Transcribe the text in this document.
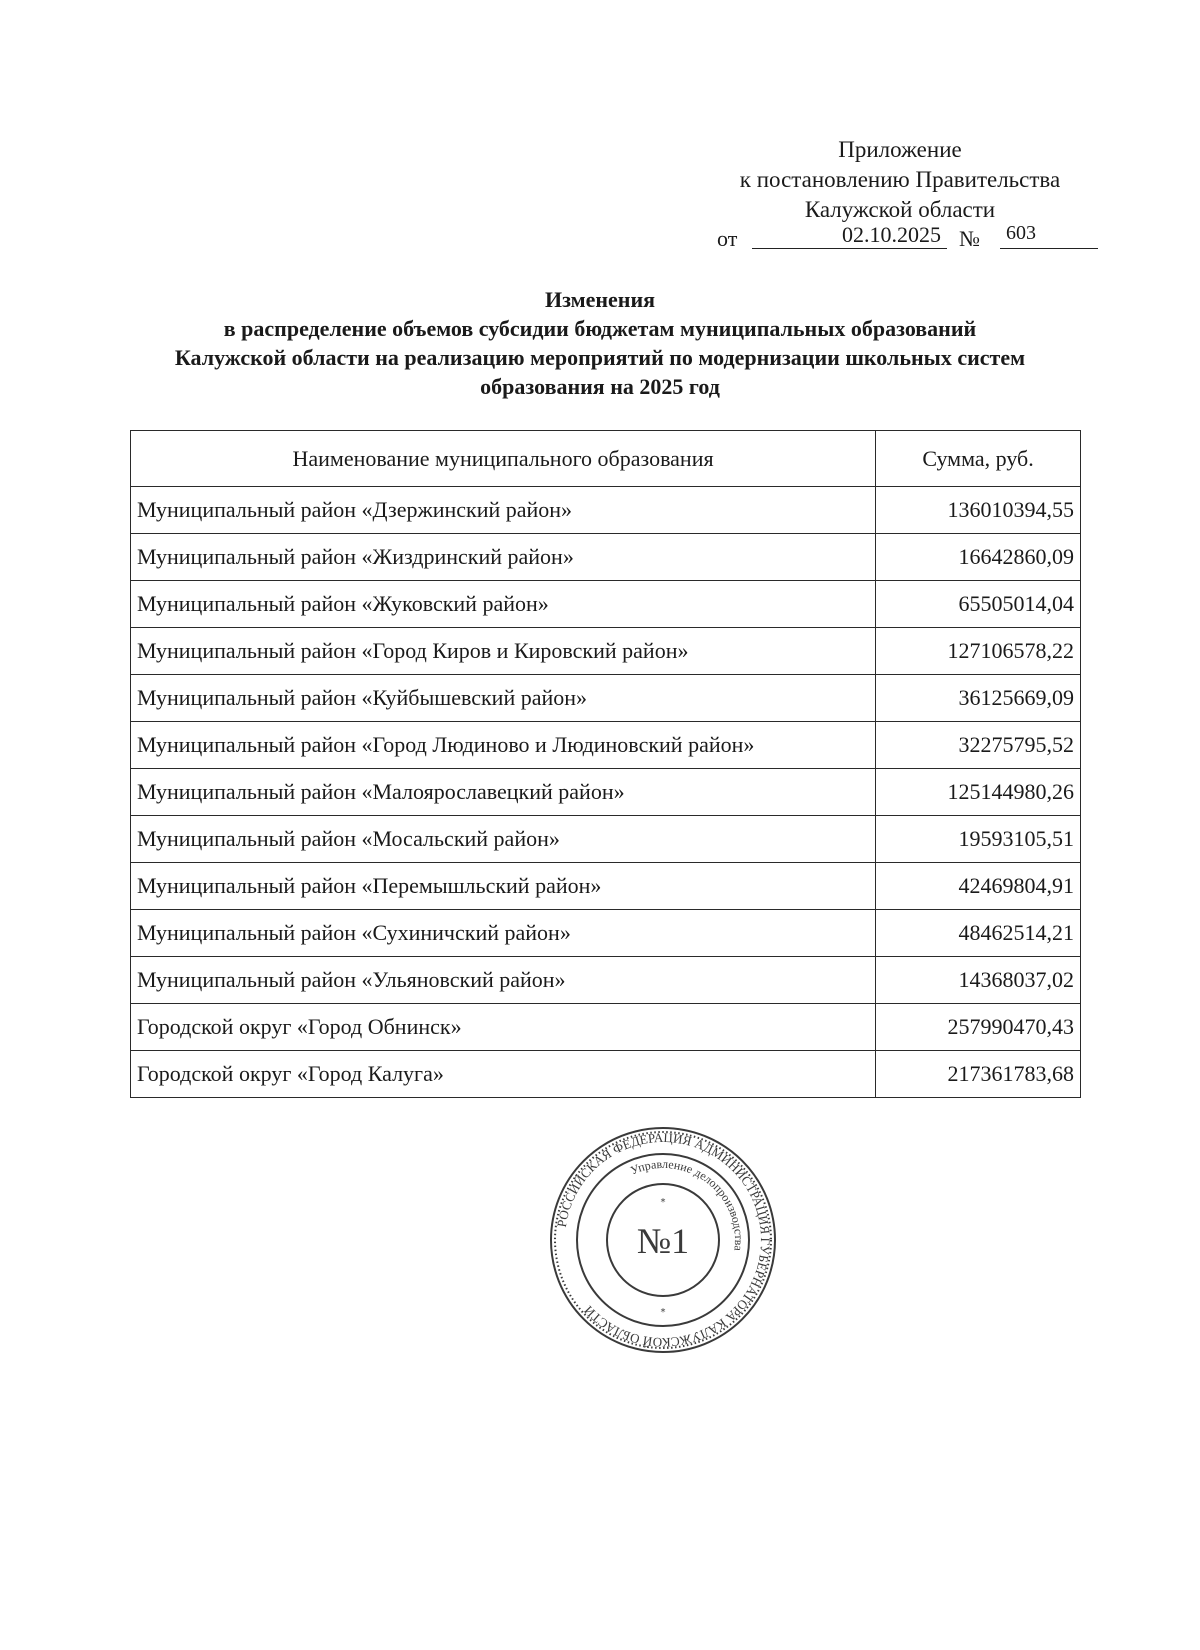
Приложение
к постановлению Правительства
Калужской области
от	02.10.2025 №	603
Изменения
в распределение объемов субсидии бюджетам муниципальных образований
Калужской области на реализацию мероприятий по модернизации школьных систем
образования на 2025 год
Наименование муниципального образования	Сумма, руб.
Муниципальный район «Дзержинский район»	136010394,55
Муниципальный район «Жиздринский район»	16642860,09
Муниципальный район «Жуковский район»	65505014,04
Муниципальный район «Город Киров и Кировский район»	127106578,22
Муниципальный район «Куйбышевский район»	36125669,09
Муниципальный район «Город Людиново и Людиновский район»	32275795,52
Муниципальный район «Малоярославецкий район»	125144980,26
Муниципальный район «Мосальский район»	19593105,51
Муниципальный район «Перемышльский район»	42469804,91
Муниципальный район «Сухиничский район»	48462514,21
Муниципальный район «Ульяновский район»	14368037,02
Городской округ «Город Обнинск»	257990470,43
Городской округ «Город Калуга»	217361783,68
РОССИЙСКАЯ ФЕДЕРАЦИЯ АДМИНИСТРАЦИЯ ГУБЕРНАТОРА КАЛУЖСКОЙ ОБЛАСТИ
Управление делопроизводства
№1
*
*
